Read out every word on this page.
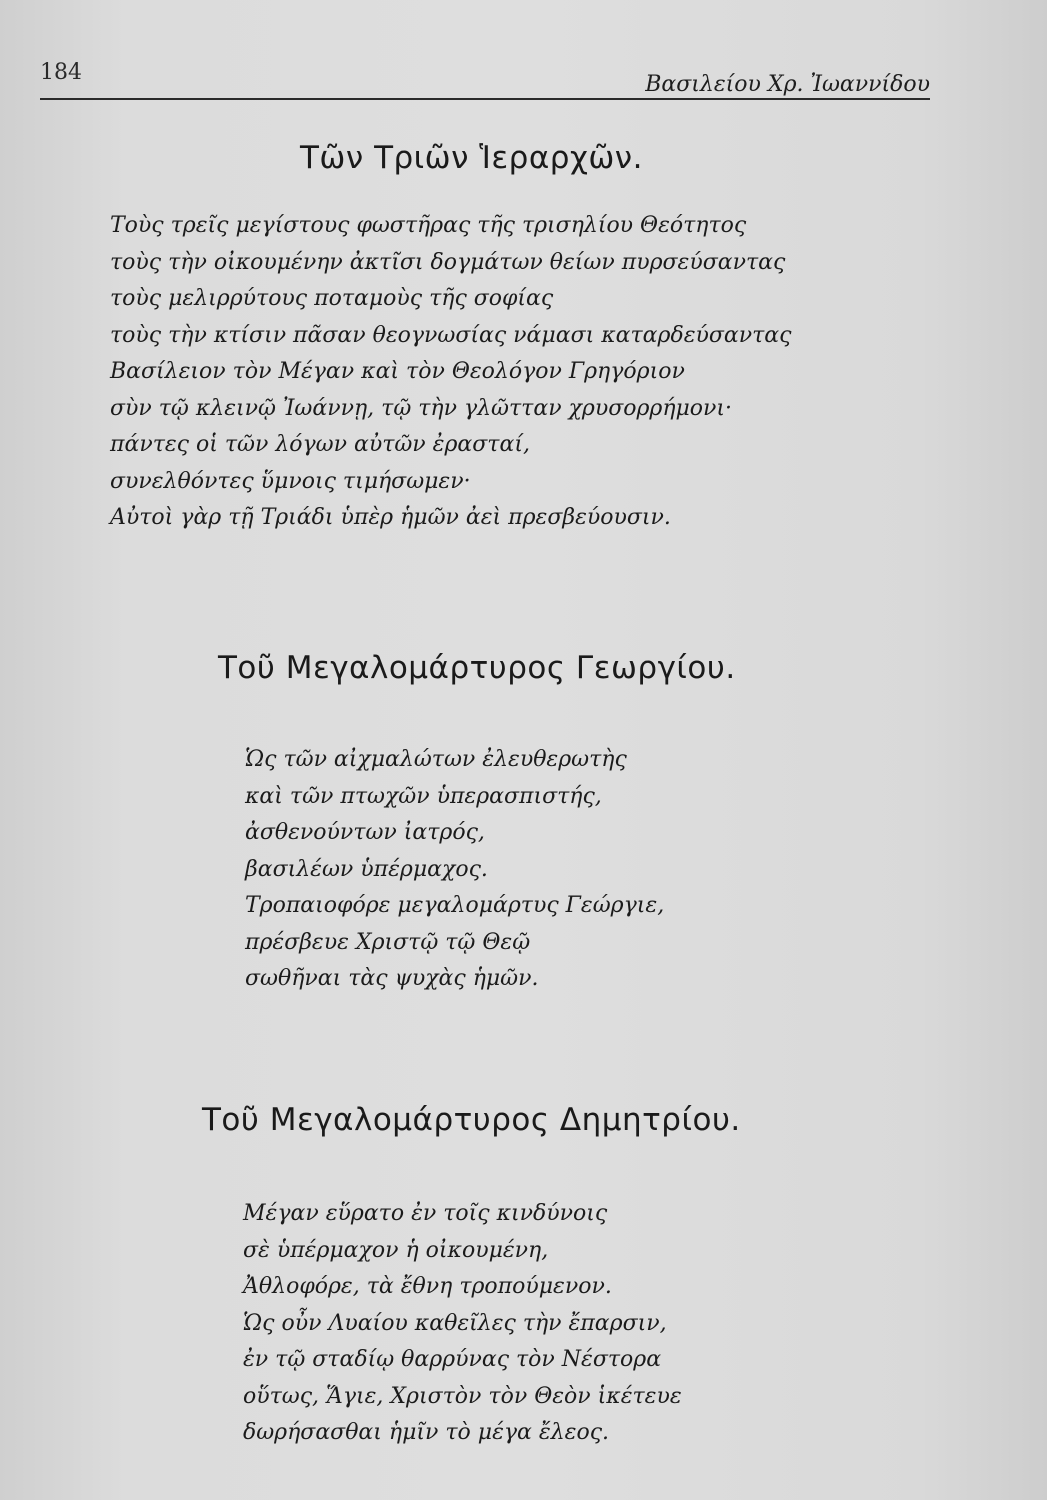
184	Βασιλείου Χρ. Ἰωαννίδου
Τῶν Τριῶν Ἱεραρχῶν.
Τοὺς τρεῖς μεγίστους φωστῆρας τῆς τρισηλίου Θεότητος
τοὺς τὴν οἰκουμένην ἀκτῖσι δογμάτων θείων πυρσεύσαντας
τοὺς μελιρρύτους ποταμοὺς τῆς σοφίας
τοὺς τὴν κτίσιν πᾶσαν θεογνωσίας νάμασι καταρδεύσαντας
Βασίλειον τὸν Μέγαν καὶ τὸν Θεολόγον Γρηγόριον
σὺν τῷ κλεινῷ Ἰωάννῃ, τῷ τὴν γλῶτταν χρυσορρήμονι·
πάντες οἱ τῶν λόγων αὐτῶν ἐρασταί,
συνελθόντες ὕμνοις τιμήσωμεν·
Αὐτοὶ γὰρ τῇ Τριάδι ὑπὲρ ἡμῶν ἀεὶ πρεσβεύουσιν.
Τοῦ Μεγαλομάρτυρος Γεωργίου.
Ὡς τῶν αἰχμαλώτων ἐλευθερωτὴς
καὶ τῶν πτωχῶν ὑπερασπιστής,
ἀσθενούντων ἰατρός,
βασιλέων ὑπέρμαχος.
Τροπαιοφόρε μεγαλομάρτυς Γεώργιε,
πρέσβευε Χριστῷ τῷ Θεῷ
σωθῆναι τὰς ψυχὰς ἡμῶν.
Τοῦ Μεγαλομάρτυρος Δημητρίου.
Μέγαν εὕρατο ἐν τοῖς κινδύνοις
σὲ ὑπέρμαχον ἡ οἰκουμένη,
Ἀθλοφόρε, τὰ ἔθνη τροπούμενον.
Ὡς οὖν Λυαίου καθεῖλες τὴν ἔπαρσιν,
ἐν τῷ σταδίῳ θαρρύνας τὸν Νέστορα
οὕτως, Ἅγιε, Χριστὸν τὸν Θεὸν ἱκέτευε
δωρήσασθαι ἡμῖν τὸ μέγα ἔλεος.
